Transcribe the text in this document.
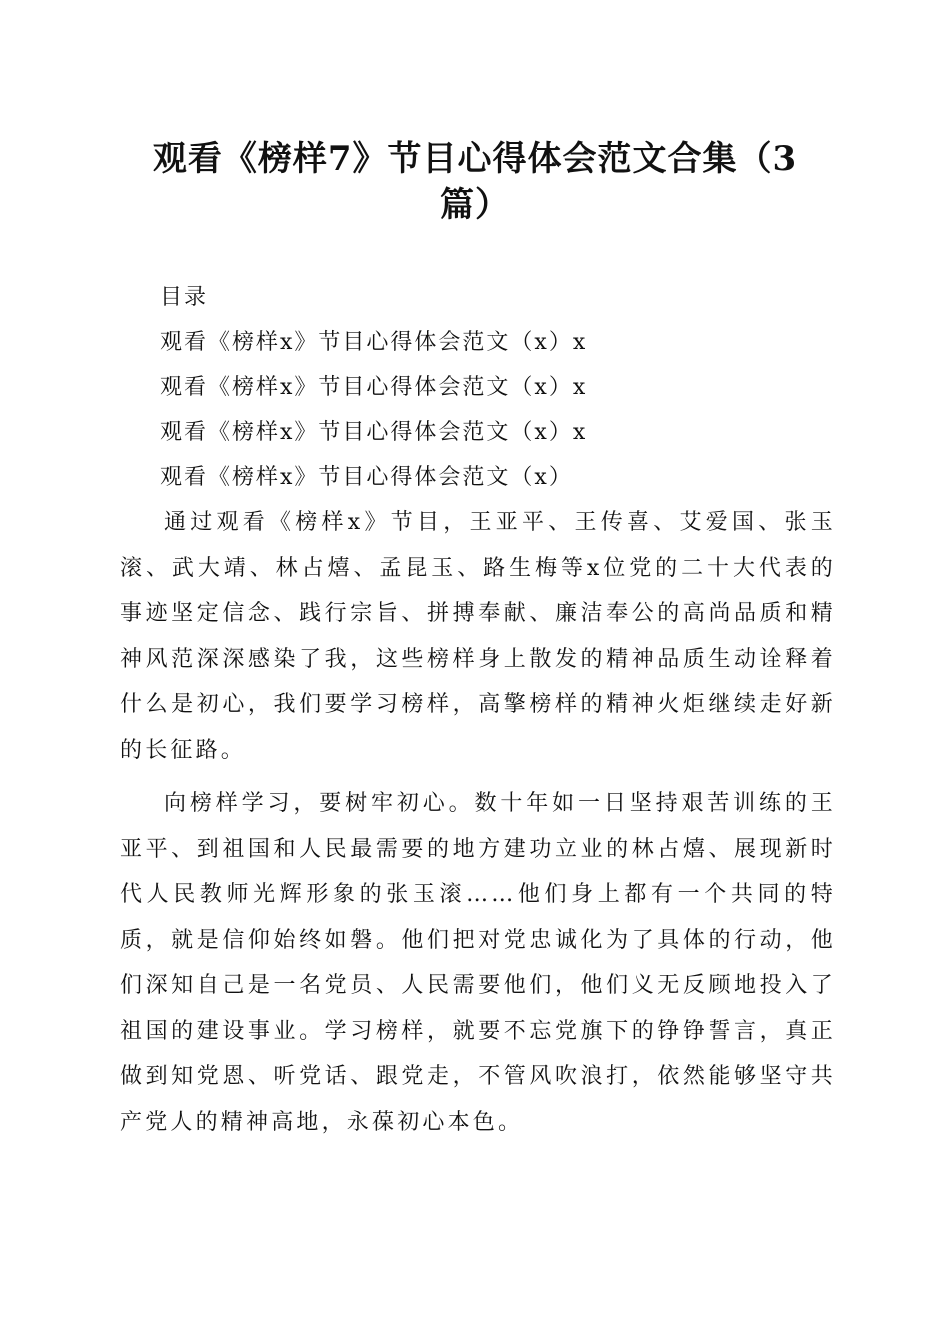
观看《榜样7》节目心得体会范文合集（3
篇）
目录
观看《榜样x》节目心得体会范文（x）x
观看《榜样x》节目心得体会范文（x）x
观看《榜样x》节目心得体会范文（x）x
观看《榜样x》节目心得体会范文（x）

通过观看《榜样x》节目，王亚平、王传喜、艾爱国、张玉滚、武大靖、林占熺、孟昆玉、路生梅等x位党的二十大代表的事迹坚定信念、践行宗旨、拼搏奉献、廉洁奉公的高尚品质和精神风范深深感染了我，这些榜样身上散发的精神品质生动诠释着什么是初心，我们要学习榜样，高擎榜样的精神火炬继续走好新的长征路。

向榜样学习，要树牢初心。数十年如一日坚持艰苦训练的王亚平、到祖国和人民最需要的地方建功立业的林占熺、展现新时代人民教师光辉形象的张玉滚……他们身上都有一个共同的特质，就是信仰始终如磐。他们把对党忠诚化为了具体的行动，他们深知自己是一名党员、人民需要他们，他们义无反顾地投入了祖国的建设事业。学习榜样，就要不忘党旗下的铮铮誓言，真正做到知党恩、听党话、跟党走，不管风吹浪打，依然能够坚守共产党人的精神高地，永葆初心本色。
